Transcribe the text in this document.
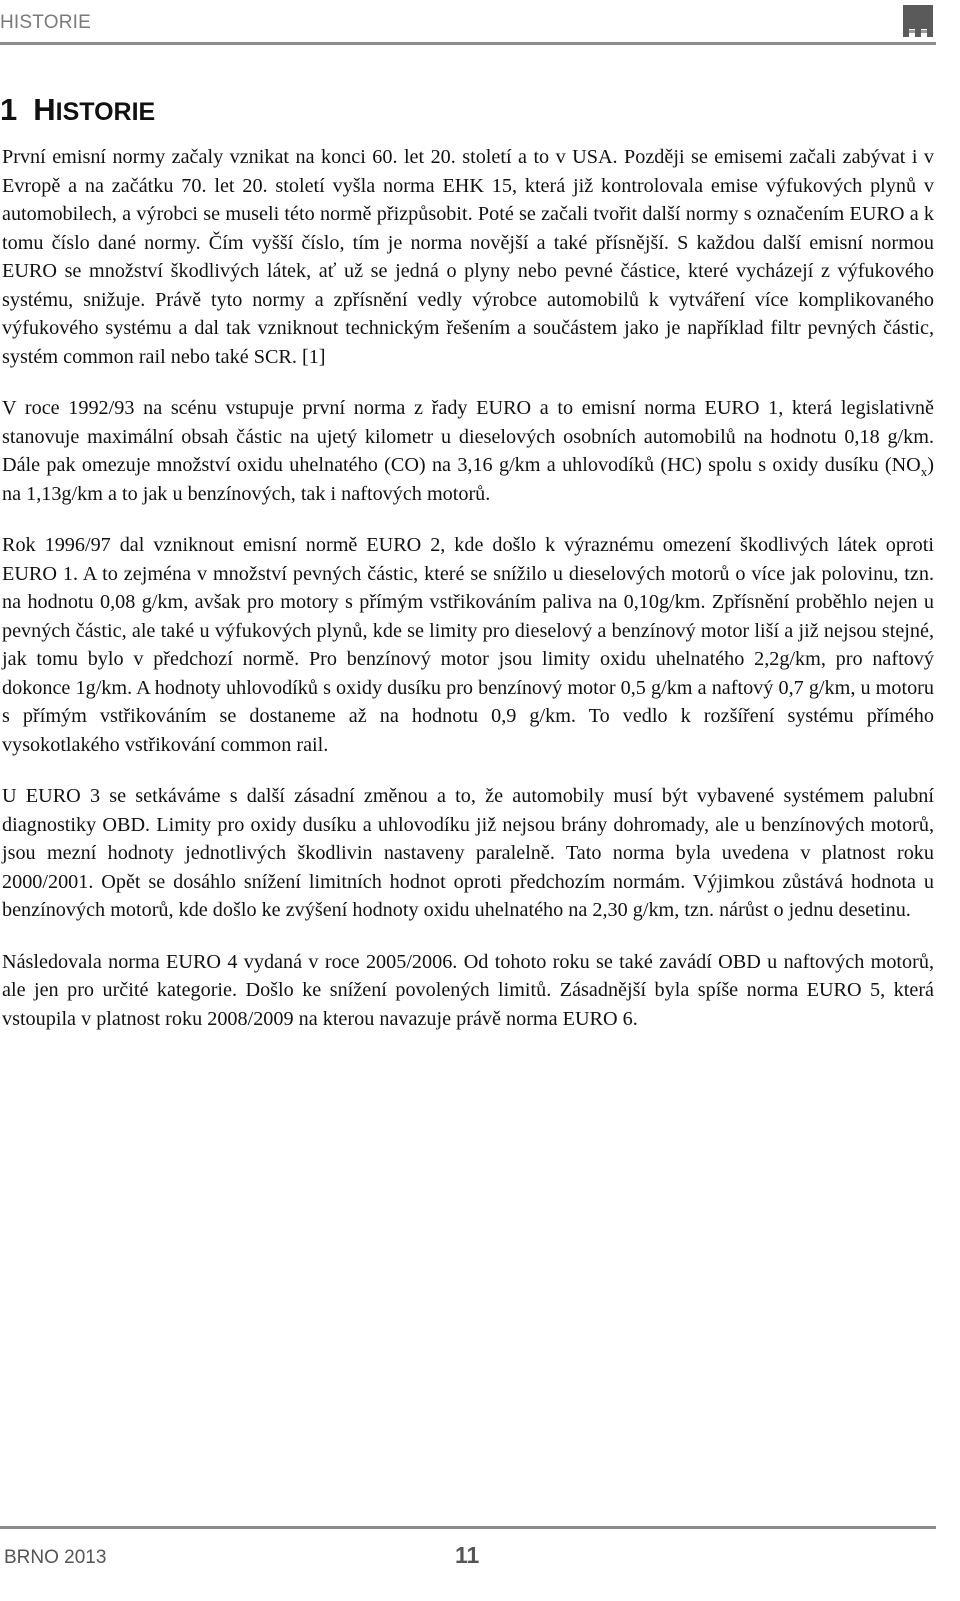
HISTORIE
1 HISTORIE

První emisní normy začaly vznikat na konci 60. let 20. století a to v USA. Později se emisemi začali zabývat i v Evropě a na začátku 70. let 20. století vyšla norma EHK 15, která již kontrolovala emise výfukových plynů v automobilech, a výrobci se museli této normě přizpůsobit. Poté se začali tvořit další normy s označením EURO a k tomu číslo dané normy. Čím vyšší číslo, tím je norma novější a také přísnější. S každou další emisní normou EURO se množství škodlivých látek, ať už se jedná o plyny nebo pevné částice, které vycházejí z výfukového systému, snižuje. Právě tyto normy a zpřísnění vedly výrobce automobilů k vytváření více komplikovaného výfukového systému a dal tak vzniknout technickým řešením a součástem jako je například filtr pevných částic, systém common rail nebo také SCR. [1]

V roce 1992/93 na scénu vstupuje první norma z řady EURO a to emisní norma EURO 1, která legislativně stanovuje maximální obsah částic na ujetý kilometr u dieselových osobních automobilů na hodnotu 0,18 g/km. Dále pak omezuje množství oxidu uhelnatého (CO) na 3,16 g/km a uhlovodíků (HC) spolu s oxidy dusíku $(NO_x)$ na 1,13g/km a to jak u benzínových, tak i naftových motorů.

Rok 1996/97 dal vzniknout emisní normě EURO 2, kde došlo k výraznému omezení škodlivých látek oproti EURO 1. A to zejména v množství pevných částic, které se snížilo u dieselových motorů o více jak polovinu, tzn. na hodnotu 0,08 g/km, avšak pro motory s přímým vstřikováním paliva na 0,10g/km. Zpřísnění proběhlo nejen u pevných částic, ale také u výfukových plynů, kde se limity pro dieselový a benzínový motor liší a již nejsou stejné, jak tomu bylo v předchozí normě. Pro benzínový motor jsou limity oxidu uhelnatého 2,2g/km, pro naftový dokonce 1g/km. A hodnoty uhlovodíků s oxidy dusíku pro benzínový motor 0,5 g/km a naftový 0,7 g/km, u motoru s přímým vstřikováním se dostaneme až na hodnotu 0,9 g/km. To vedlo k rozšíření systému přímého vysokotlakého vstřikování common rail.

U EURO 3 se setkáváme s další zásadní změnou a to, že automobily musí být vybavené systémem palubní diagnostiky OBD. Limity pro oxidy dusíku a uhlovodíku již nejsou brány dohromady, ale u benzínových motorů, jsou mezní hodnoty jednotlivých škodlivin nastaveny paralelně. Tato norma byla uvedena v platnost roku 2000/2001. Opět se dosáhlo snížení limitních hodnot oproti předchozím normám. Výjimkou zůstává hodnota u benzínových motorů, kde došlo ke zvýšení hodnoty oxidu uhelnatého na 2,30 g/km, tzn. nárůst o jednu desetinu.

Následovala norma EURO 4 vydaná v roce 2005/2006. Od tohoto roku se také zavádí OBD u naftových motorů, ale jen pro určité kategorie. Došlo ke snížení povolených limitů. Zásadnější byla spíše norma EURO 5, která vstoupila v platnost roku 2008/2009 na kterou navazuje právě norma EURO 6.

BRNO 2013	11
